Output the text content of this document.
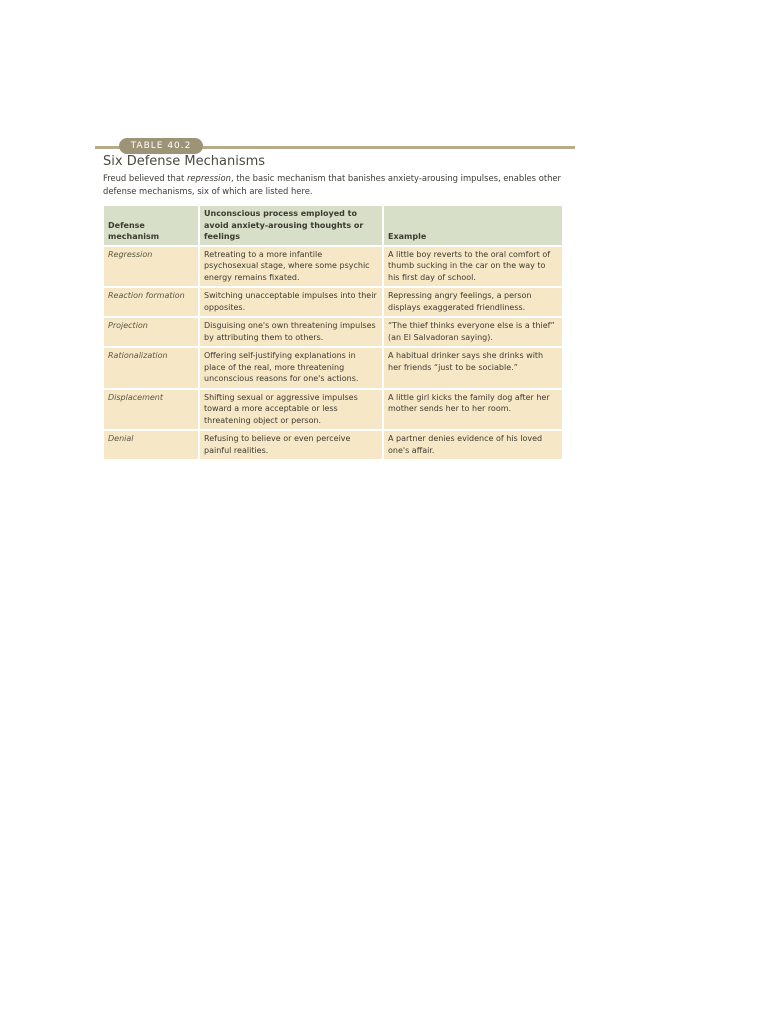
TABLE 40.2
Six Defense Mechanisms
Freud believed that repression, the basic mechanism that banishes anxiety-arousing impulses, enables other defense mechanisms, six of which are listed here.
Defense mechanism	Unconscious process employed to avoid anxiety-arousing thoughts or feelings	Example
Regression	Retreating to a more infantile psychosexual stage, where some psychic energy remains fixated.	A little boy reverts to the oral comfort of thumb sucking in the car on the way to his first day of school.
Reaction formation	Switching unacceptable impulses into their opposites.	Repressing angry feelings, a person displays exaggerated friendliness.
Projection	Disguising one's own threatening impulses by attributing them to others.	“The thief thinks everyone else is a thief” (an El Salvadoran saying).
Rationalization	Offering self-justifying explanations in place of the real, more threatening unconscious reasons for one's actions.	A habitual drinker says she drinks with her friends “just to be sociable.”
Displacement	Shifting sexual or aggressive impulses toward a more acceptable or less threatening object or person.	A little girl kicks the family dog after her mother sends her to her room.
Denial	Refusing to believe or even perceive painful realities.	A partner denies evidence of his loved one's affair.
